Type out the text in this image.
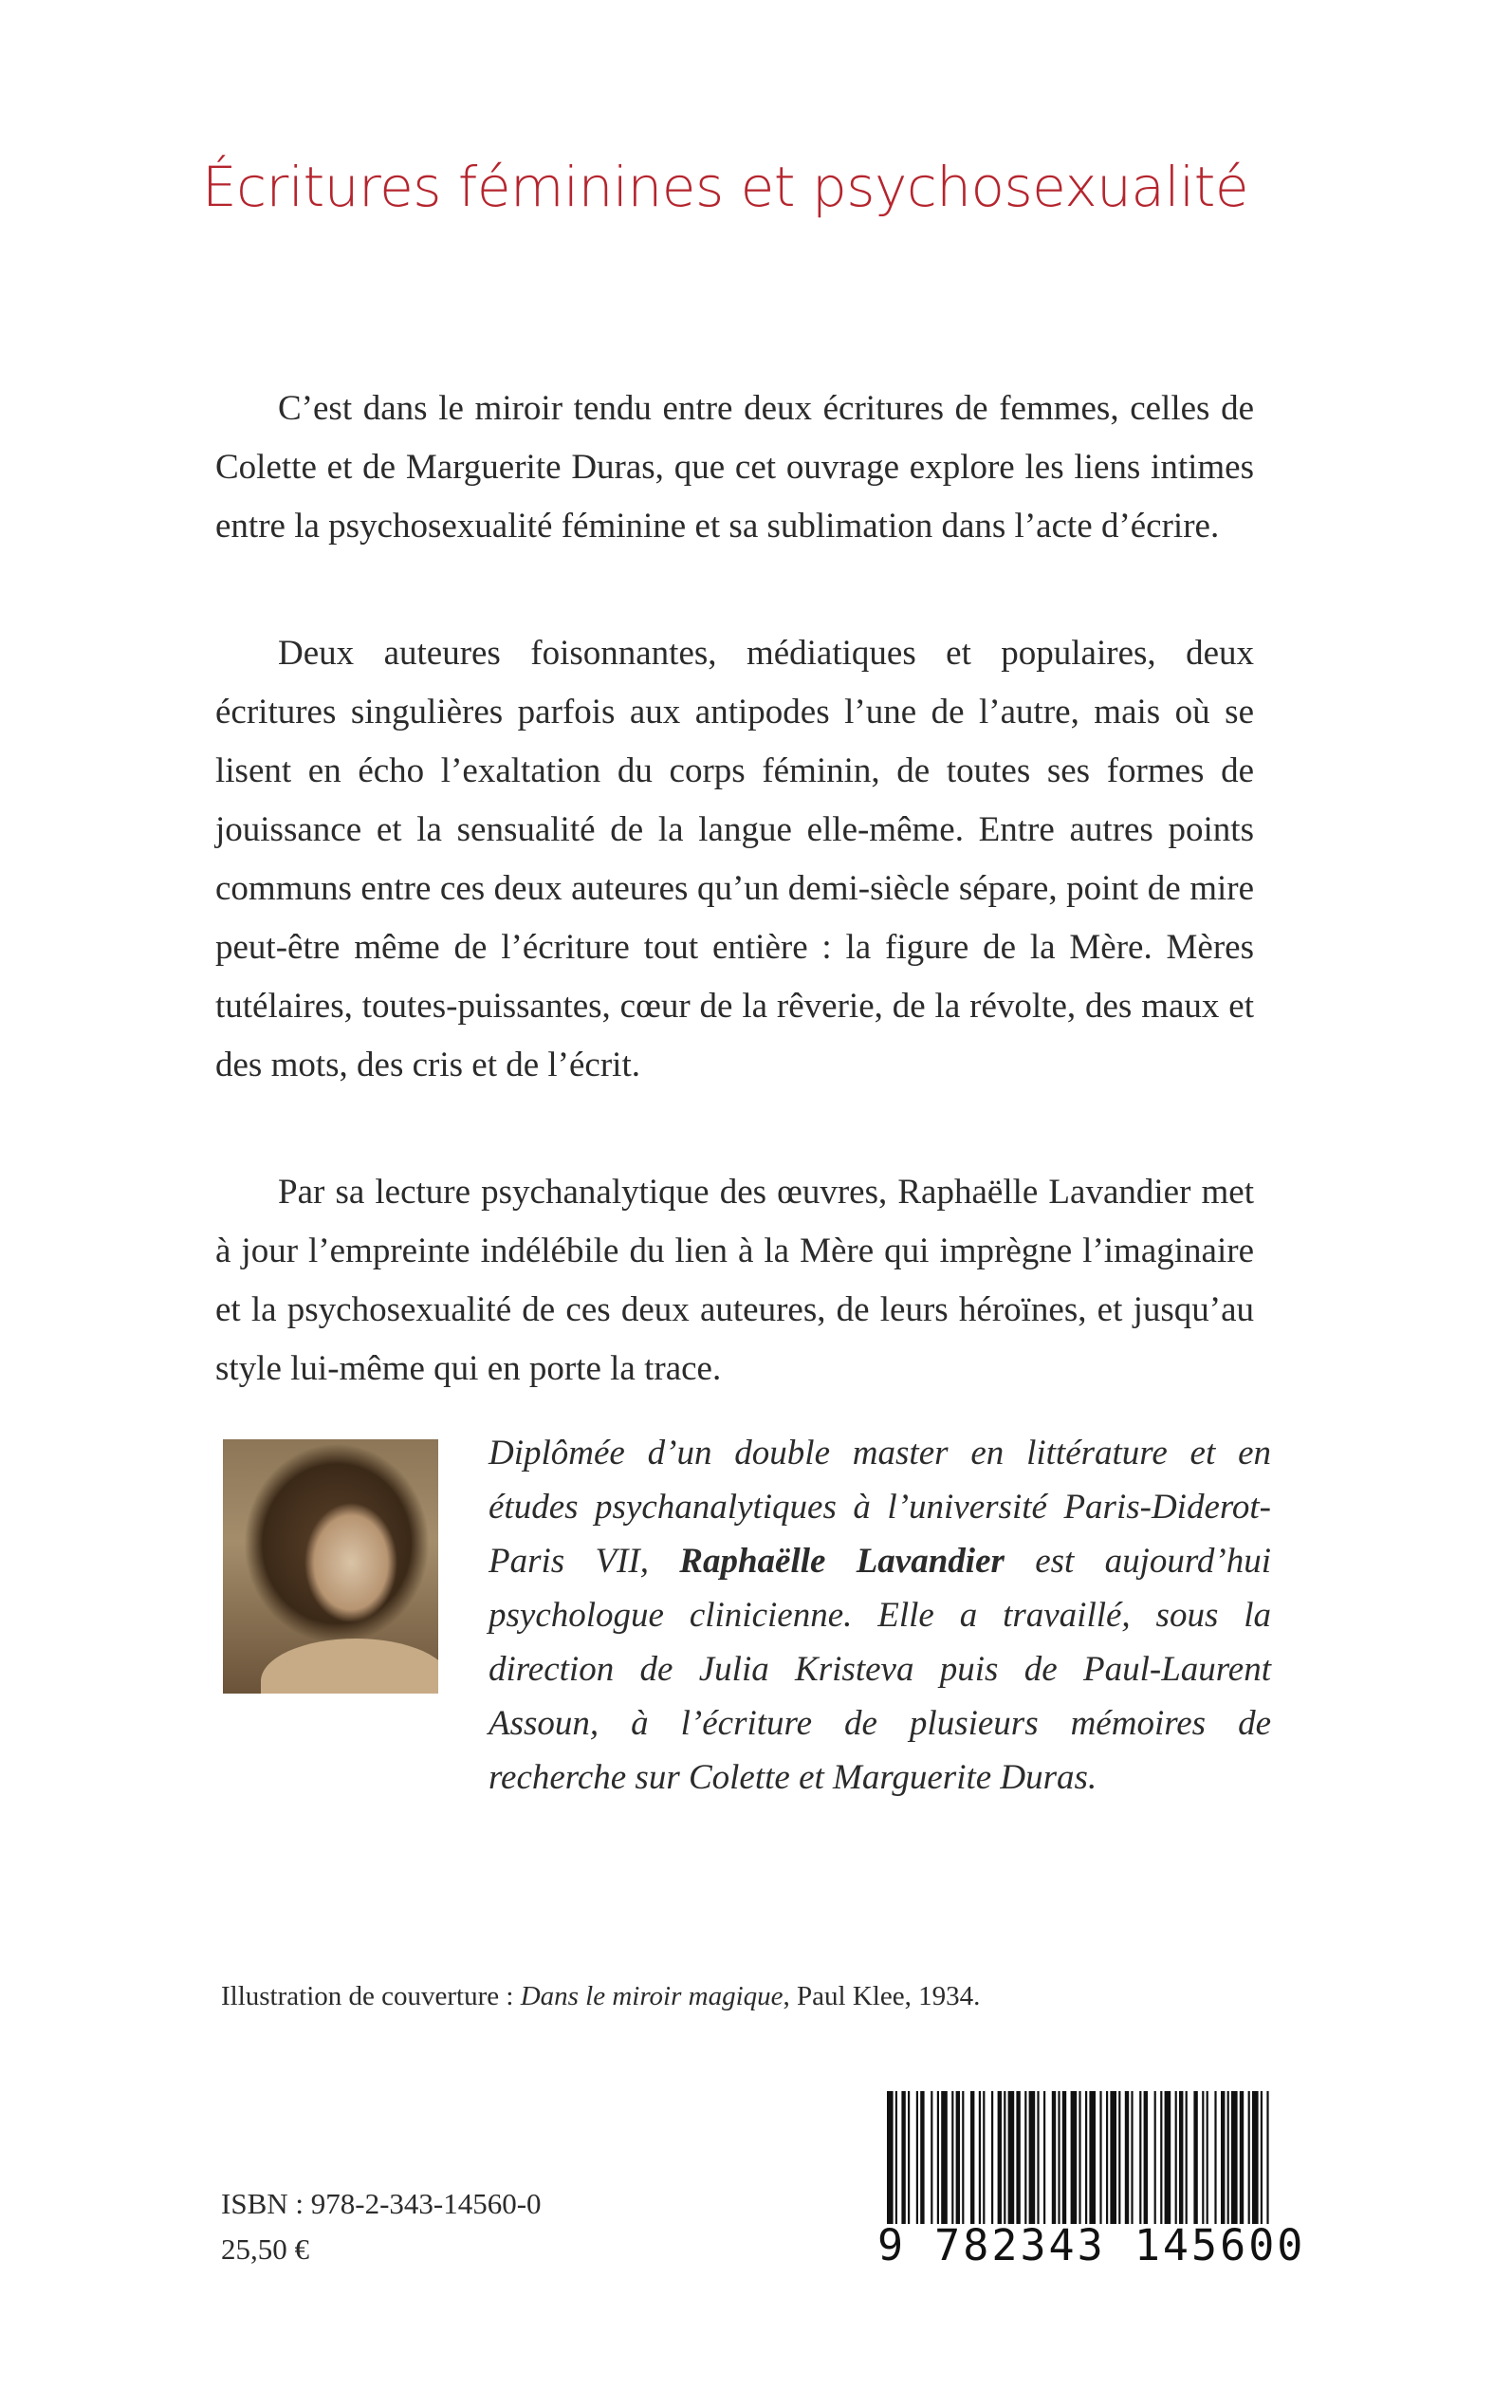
Écritures féminines et psychosexualité

C’est dans le miroir tendu entre deux écritures de femmes, celles de Colette et de Marguerite Duras, que cet ouvrage explore les liens intimes entre la psychosexualité féminine et sa sublimation dans l’acte d’écrire.

Deux auteures foisonnantes, médiatiques et populaires, deux écritures singulières parfois aux antipodes l’une de l’autre, mais où se lisent en écho l’exaltation du corps féminin, de toutes ses formes de jouissance et la sensualité de la langue elle-même. Entre autres points communs entre ces deux auteures qu’un demi-siècle sépare, point de mire peut-être même de l’écriture tout entière : la figure de la Mère. Mères tutélaires, toutes-puissantes, cœur de la rêverie, de la révolte, des maux et des mots, des cris et de l’écrit.

Par sa lecture psychanalytique des œuvres, Raphaëlle Lavandier met à jour l’empreinte indélébile du lien à la Mère qui imprègne l’imaginaire et la psychosexualité de ces deux auteures, de leurs héroïnes, et jusqu’au style lui-même qui en porte la trace.

Diplômée d’un double master en littérature et en études psychanalytiques à l’université Paris-Diderot-Paris VII, Raphaëlle Lavandier est aujourd’hui psychologue clinicienne. Elle a travaillé, sous la direction de Julia Kristeva puis de Paul-Laurent Assoun, à l’écriture de plusieurs mémoires de recherche sur Colette et Marguerite Duras.

Illustration de couverture : Dans le miroir magique, Paul Klee, 1934.

ISBN : 978-2-343-14560-0

25,50 €	9 782343 145600
